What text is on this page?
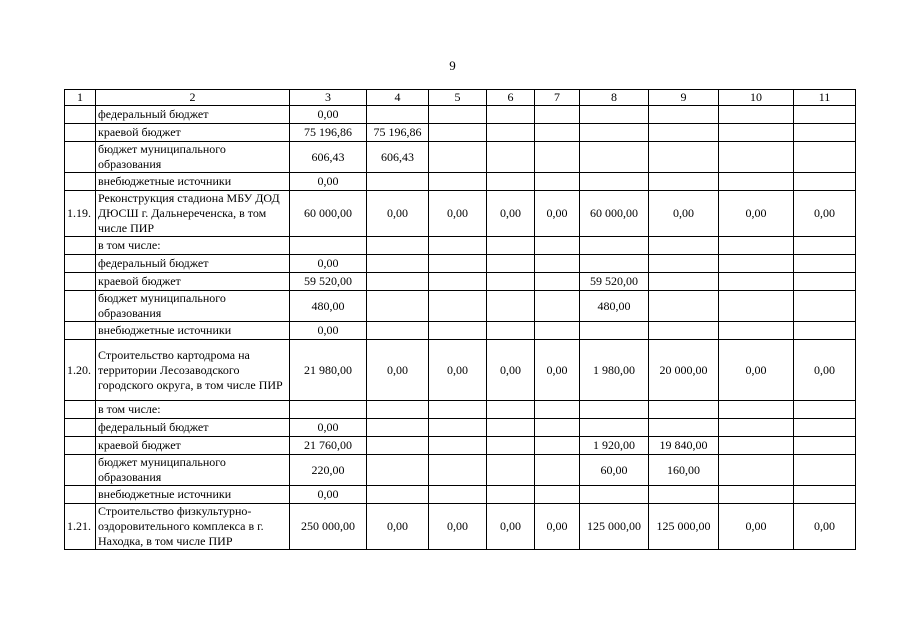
9
1	2	3	4	5	6	7	8	9	10	11
	федеральный бюджет	0,00								
	краевой бюджет	75 196,86	75 196,86							
	бюджет муниципального образования	606,43	606,43							
	внебюджетные источники	0,00								
1.19.	Реконструкция стадиона МБУ ДОД ДЮСШ г. Дальнереченска, в том числе ПИР	60 000,00	0,00	0,00	0,00	0,00	60 000,00	0,00	0,00	0,00
	в том числе:									
	федеральный бюджет	0,00								
	краевой бюджет	59 520,00					59 520,00			
	бюджет муниципального образования	480,00					480,00			
	внебюджетные источники	0,00								
1.20.	Строительство картодрома на территории Лесозаводского городского округа, в том числе ПИР	21 980,00	0,00	0,00	0,00	0,00	1 980,00	20 000,00	0,00	0,00
	в том числе:									
	федеральный бюджет	0,00								
	краевой бюджет	21 760,00					1 920,00	19 840,00		
	бюджет муниципального образования	220,00					60,00	160,00		
	внебюджетные источники	0,00								
1.21.	Строительство физкультурно-оздоровительного комплекса в г. Находка, в том числе ПИР	250 000,00	0,00	0,00	0,00	0,00	125 000,00	125 000,00	0,00	0,00
